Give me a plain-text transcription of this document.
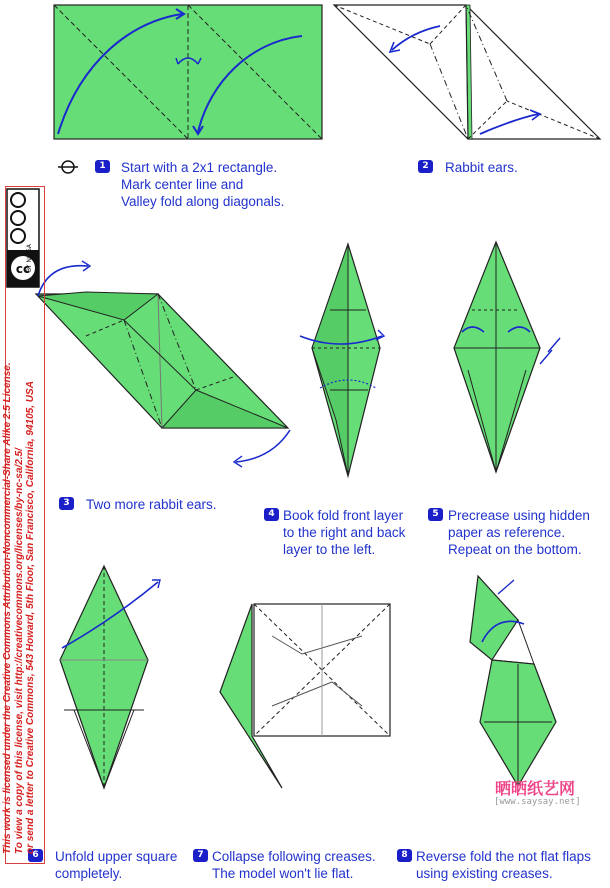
1	Start with a 2x1 rectangle.
Mark center line and
Valley fold along diagonals.
2	Rabbit ears.
3	Two more rabbit ears.
4 Book fold front layer
to the right and back
layer to the left.
5 Precrease using hidden
paper as reference.
Repeat on the bottom.
6	Unfold upper square
completely.
7 Collapse following creases.
The model won't lie flat.
8 Reverse fold the not flat flaps
using existing creases.
cc
BY NC SA
This work is licensed under the Creative Commons Attribution-Noncommercial-Share Alike 2.5 License.
To view a copy of this license, visit http://creativecommons.org/licenses/by-nc-sa/2.5/
or send a letter to Creative Commons, 543 Howard, 5th Floor, San Francisco, California, 94105, USA
晒晒纸艺网
[www.saysay.net]
